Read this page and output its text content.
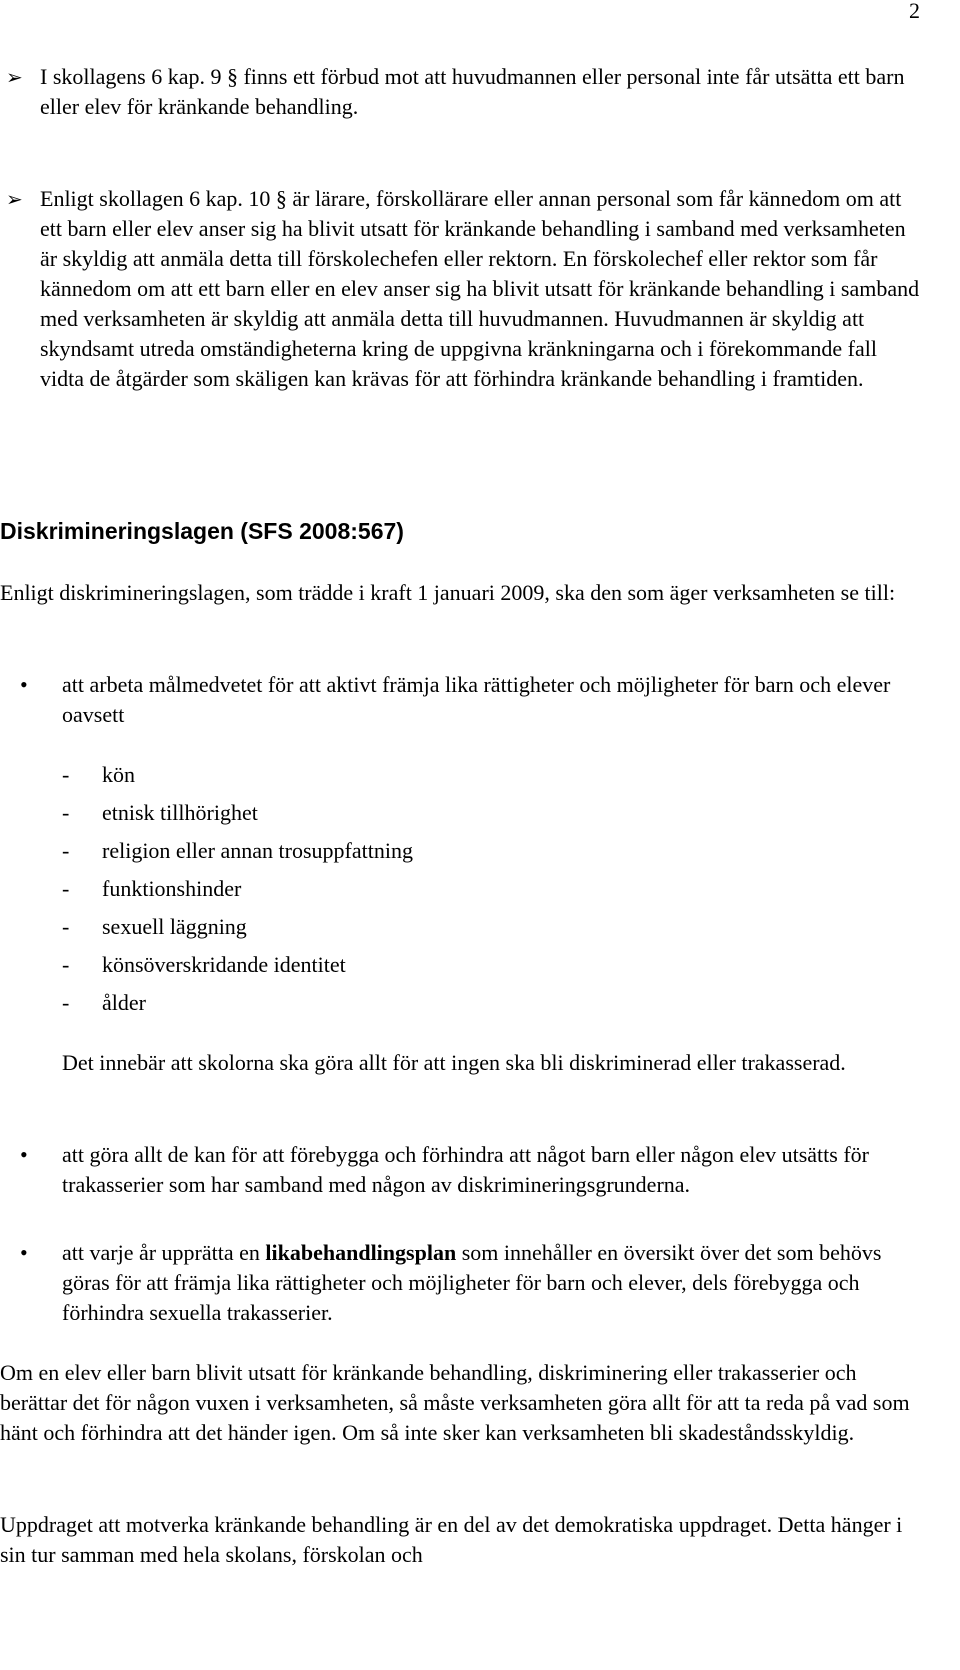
2
➢ I skollagens 6 kap. 9 § finns ett förbud mot att huvudmannen eller personal inte får utsätta ett barn eller elev för kränkande behandling.
➢ Enligt skollagen 6 kap. 10 § är lärare, förskollärare eller annan personal som får kännedom om att ett barn eller elev anser sig ha blivit utsatt för kränkande behandling i samband med verksamheten är skyldig att anmäla detta till förskolechefen eller rektorn. En förskolechef eller rektor som får kännedom om att ett barn eller en elev anser sig ha blivit utsatt för kränkande behandling i samband med verksamheten är skyldig att anmäla detta till huvudmannen. Huvudmannen är skyldig att skyndsamt utreda omständigheterna kring de uppgivna kränkningarna och i förekommande fall vidta de åtgärder som skäligen kan krävas för att förhindra kränkande behandling i framtiden.
Diskrimineringslagen (SFS 2008:567)
Enligt diskrimineringslagen, som trädde i kraft 1 januari 2009, ska den som äger verksamheten se till:
• att arbeta målmedvetet för att aktivt främja lika rättigheter och möjligheter för barn och elever oavsett
- kön
- etnisk tillhörighet
- religion eller annan trosuppfattning
- funktionshinder
- sexuell läggning
- könsöverskridande identitet
- ålder
Det innebär att skolorna ska göra allt för att ingen ska bli diskriminerad eller trakasserad.
• att göra allt de kan för att förebygga och förhindra att något barn eller någon elev utsätts för trakasserier som har samband med någon av diskrimineringsgrunderna.
• att varje år upprätta en likabehandlingsplan som innehåller en översikt över det som behövs göras för att främja lika rättigheter och möjligheter för barn och elever, dels förebygga och förhindra sexuella trakasserier.
Om en elev eller barn blivit utsatt för kränkande behandling, diskriminering eller trakasserier och berättar det för någon vuxen i verksamheten, så måste verksamheten göra allt för att ta reda på vad som hänt och förhindra att det händer igen. Om så inte sker kan verksamheten bli skadeståndsskyldig.
Uppdraget att motverka kränkande behandling är en del av det demokratiska uppdraget. Detta hänger i sin tur samman med hela skolans, förskolan och
